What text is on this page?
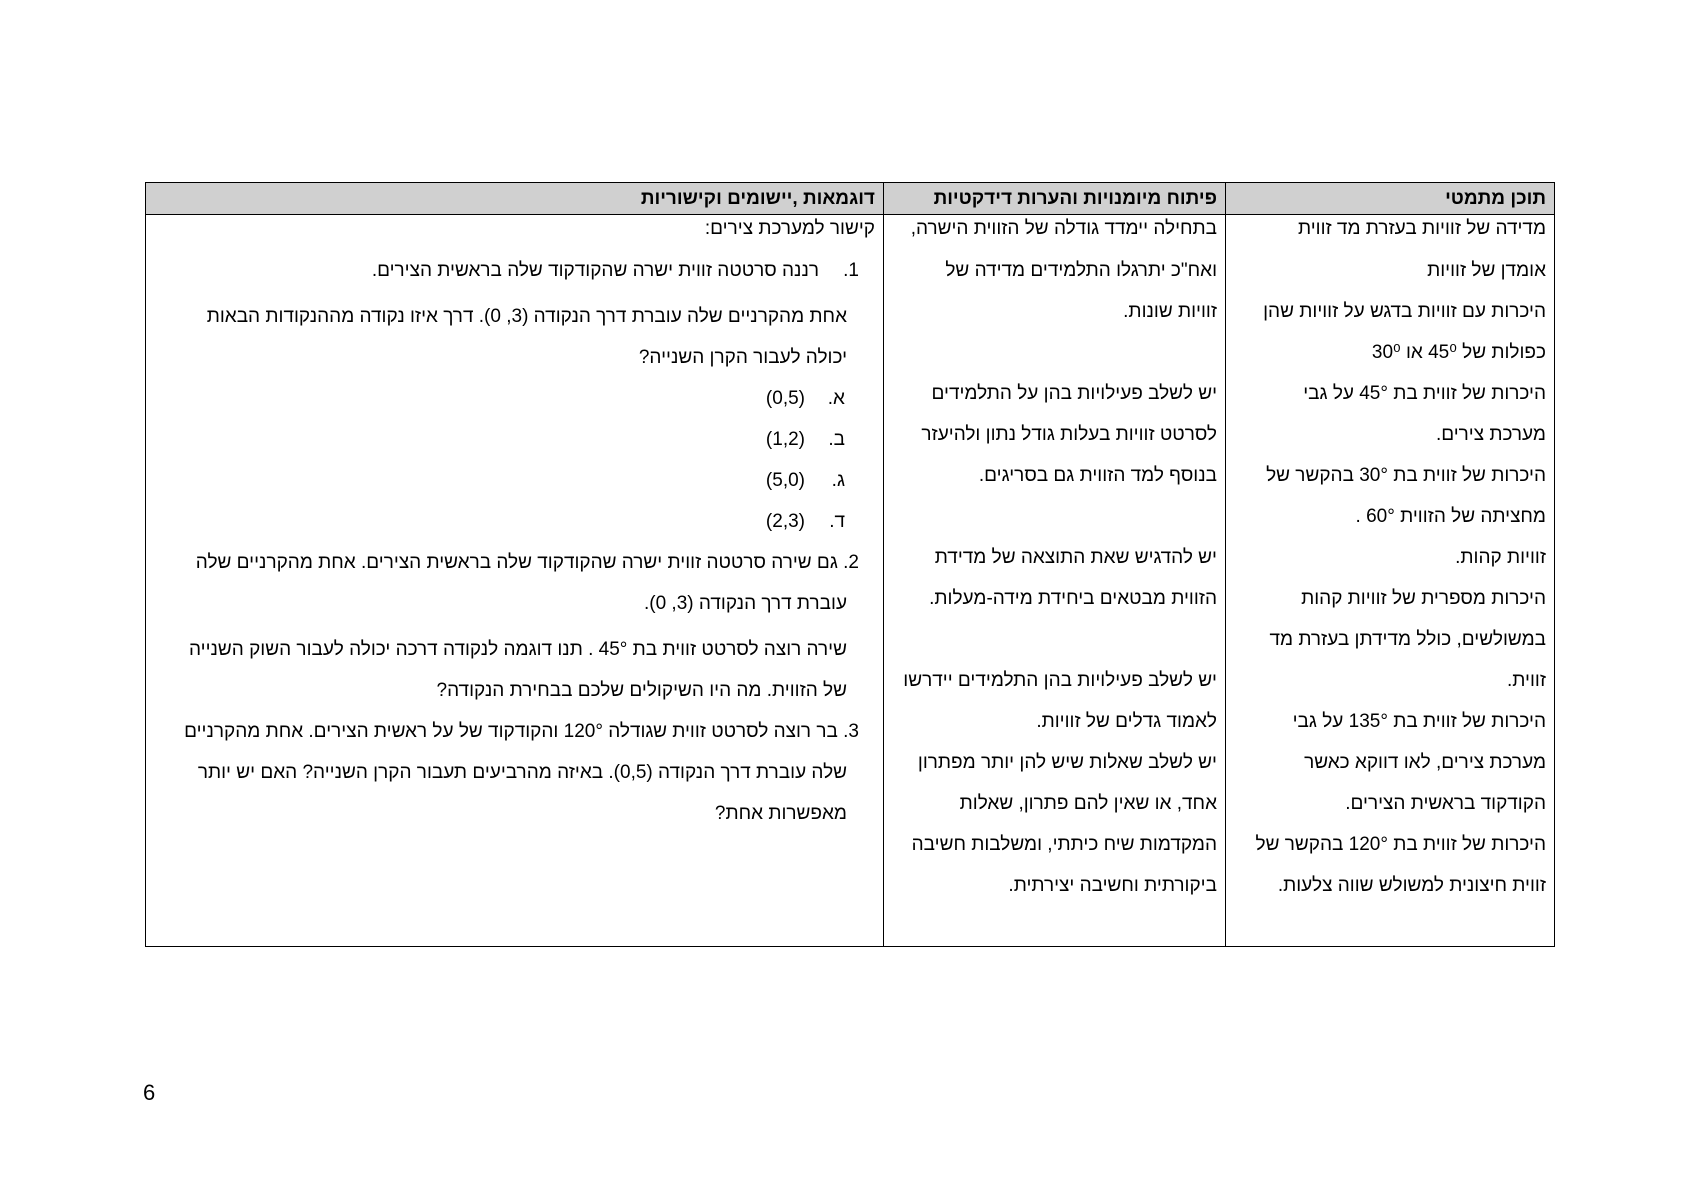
תוכן מתמטי
פיתוח מיומנויות והערות דידקטיות
דוגמאות ,יישומים וקישוריות
מדידה של זוויות בעזרת מד זווית
אומדן של זוויות
היכרות עם זוויות בדגש על זוויות שהן
כפולות של 45⁰ או 30⁰
היכרות של זווית בת 45° על גבי
מערכת צירים.
היכרות של זווית בת 30° בהקשר של
מחציתה של הזווית 60° .
זוויות קהות.
היכרות מספרית של זוויות קהות
במשולשים, כולל מדידתן בעזרת מד
זווית.
היכרות של זווית בת 135° על גבי
מערכת צירים, לאו דווקא כאשר
הקודקוד בראשית הצירים.
היכרות של זווית בת 120° בהקשר של
זווית חיצונית למשולש שווה צלעות.
בתחילה יימדד גודלה של הזווית הישרה,
ואח"כ יתרגלו התלמידים מדידה של
זוויות שונות.
יש לשלב פעילויות בהן על התלמידים
לסרטט זוויות בעלות גודל נתון ולהיעזר
בנוסף למד הזווית גם בסריגים.
יש להדגיש שאת התוצאה של מדידת
הזווית מבטאים ביחידת מידה-מעלות.
יש לשלב פעילויות בהן התלמידים יידרשו
לאמוד גדלים של זוויות.
יש לשלב שאלות שיש להן יותר מפתרון
אחד, או שאין להם פתרון, שאלות
המקדמות שיח כיתתי, ומשלבות חשיבה
ביקורתית וחשיבה יצירתית.
קישור למערכת צירים:
1.רננה סרטטה זווית ישרה שהקודקוד שלה בראשית הצירים.
אחת מהקרניים שלה עוברת דרך הנקודה (3, 0). דרך איזו נקודה מההנקודות הבאות
יכולה לעבור הקרן השנייה?
א.
(0,5)
ב.
(1,2)
ג.
(5,0)
ד.
(2,3)
2. גם שירה סרטטה זווית ישרה שהקודקוד שלה בראשית הצירים. אחת מהקרניים שלה
עוברת דרך הנקודה (3, 0).
שירה רוצה לסרטט זווית בת 45° . תנו דוגמה לנקודה דרכה יכולה לעבור השוק השנייה
של הזווית. מה היו השיקולים שלכם בבחירת הנקודה?
3. בר רוצה לסרטט זווית שגודלה 120° והקודקוד של על ראשית הצירים. אחת מהקרניים
שלה עוברת דרך הנקודה (0,5). באיזה מהרביעים תעבור הקרן השנייה? האם יש יותר
מאפשרות אחת?
6
